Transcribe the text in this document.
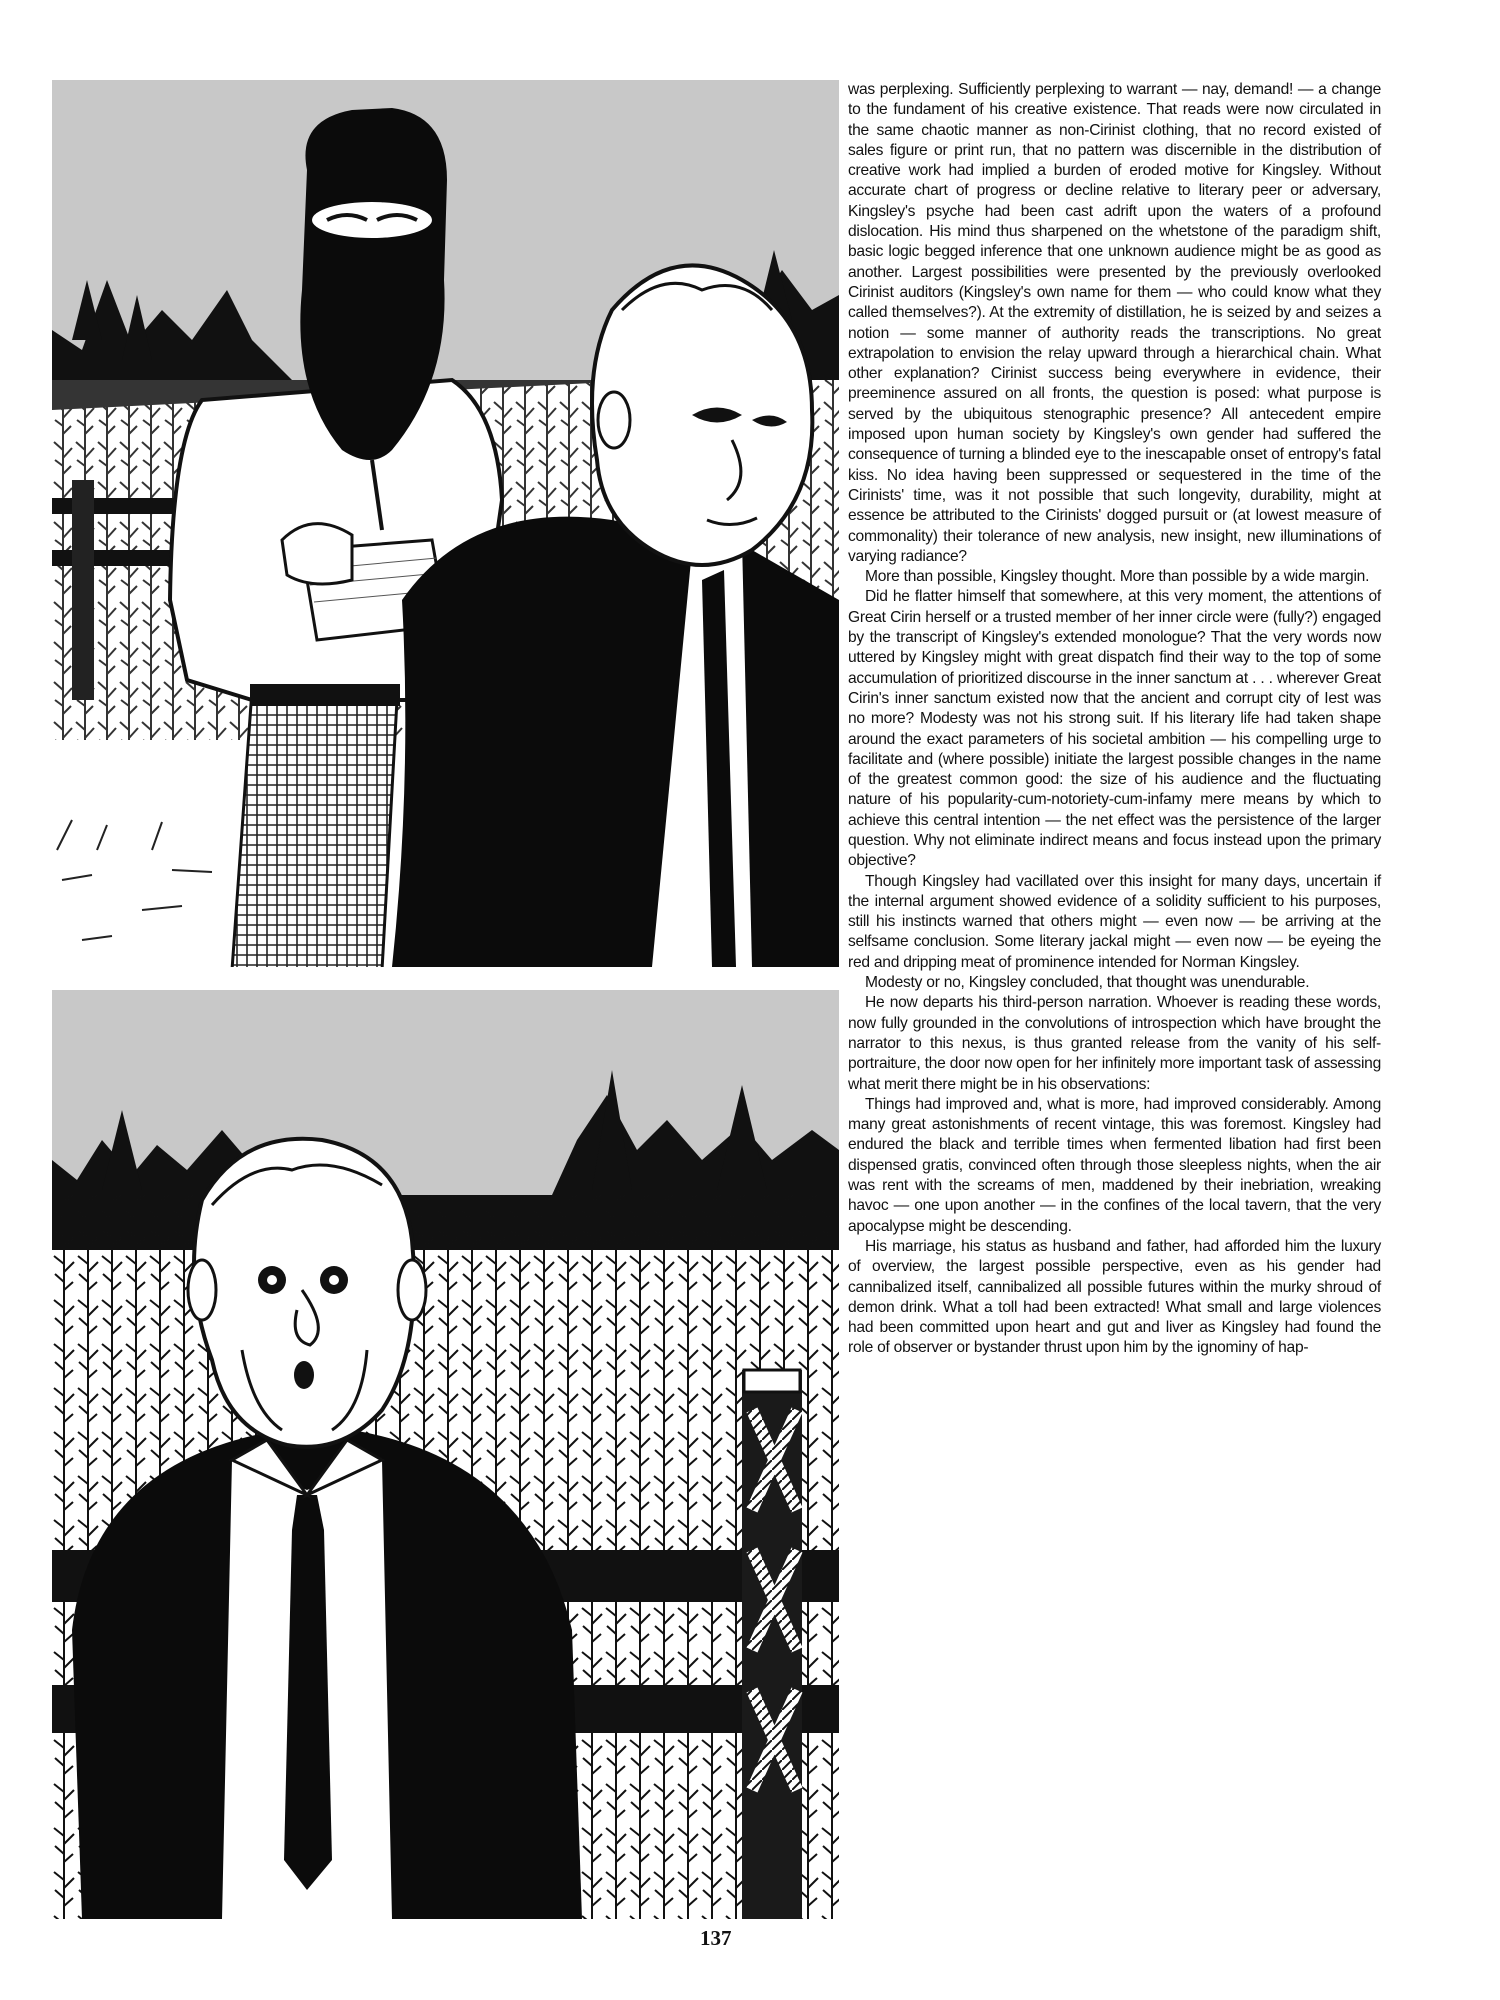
was perplexing. Sufficiently perplexing to warrant — nay, demand! — a change to the fundament of his creative existence. That reads were now circulated in the same chaotic manner as non-Cirinist clothing, that no record existed of sales figure or print run, that no pattern was discernible in the distribution of creative work had implied a burden of eroded motive for Kingsley. Without accurate chart of progress or decline relative to literary peer or adversary, Kingsley's psyche had been cast adrift upon the waters of a profound dislocation. His mind thus sharpened on the whetstone of the paradigm shift, basic logic begged inference that one unknown audience might be as good as another. Largest possibilities were presented by the previously overlooked Cirinist auditors (Kingsley's own name for them — who could know what they called themselves?). At the extremity of distillation, he is seized by and seizes a notion — some manner of authority reads the transcriptions. No great extrapolation to envision the relay upward through a hierarchical chain. What other explanation? Cirinist success being everywhere in evidence, their preeminence assured on all fronts, the question is posed: what purpose is served by the ubiquitous stenographic presence? All antecedent empire imposed upon human society by Kingsley's own gender had suffered the consequence of turning a blinded eye to the inescapable onset of entropy's fatal kiss. No idea having been suppressed or sequestered in the time of the Cirinists' time, was it not possible that such longevity, durability, might at essence be attributed to the Cirinists' dogged pursuit or (at lowest measure of commonality) their tolerance of new analysis, new insight, new illuminations of varying radiance?

More than possible, Kingsley thought. More than possible by a wide margin.

Did he flatter himself that somewhere, at this very moment, the attentions of Great Cirin herself or a trusted member of her inner circle were (fully?) engaged by the transcript of Kingsley's extended monologue? That the very words now uttered by Kingsley might with great dispatch find their way to the top of some accumulation of prioritized discourse in the inner sanctum at . . . wherever Great Cirin's inner sanctum existed now that the ancient and corrupt city of Iest was no more? Modesty was not his strong suit. If his literary life had taken shape around the exact parameters of his societal ambition — his compelling urge to facilitate and (where possible) initiate the largest possible changes in the name of the greatest common good: the size of his audience and the fluctuating nature of his popularity-cum-notoriety-cum-infamy mere means by which to achieve this central intention — the net effect was the persistence of the larger question. Why not eliminate indirect means and focus instead upon the primary objective?

Though Kingsley had vacillated over this insight for many days, uncertain if the internal argument showed evidence of a solidity sufficient to his purposes, still his instincts warned that others might — even now — be arriving at the selfsame conclusion. Some literary jackal might — even now — be eyeing the red and dripping meat of prominence intended for Norman Kingsley.

Modesty or no, Kingsley concluded, that thought was unendurable.

He now departs his third-person narration. Whoever is reading these words, now fully grounded in the convolutions of introspection which have brought the narrator to this nexus, is thus granted release from the vanity of his self-portraiture, the door now open for her infinitely more important task of assessing what merit there might be in his observations:

Things had improved and, what is more, had improved considerably. Among many great astonishments of recent vintage, this was foremost. Kingsley had endured the black and terrible times when fermented libation had first been dispensed gratis, convinced often through those sleepless nights, when the air was rent with the screams of men, maddened by their inebriation, wreaking havoc — one upon another — in the confines of the local tavern, that the very apocalypse might be descending.

His marriage, his status as husband and father, had afforded him the luxury of overview, the largest possible perspective, even as his gender had cannibalized itself, cannibalized all possible futures within the murky shroud of demon drink. What a toll had been extracted! What small and large violences had been committed upon heart and gut and liver as Kingsley had found the role of observer or bystander thrust upon him by the ignominy of hap-

137
